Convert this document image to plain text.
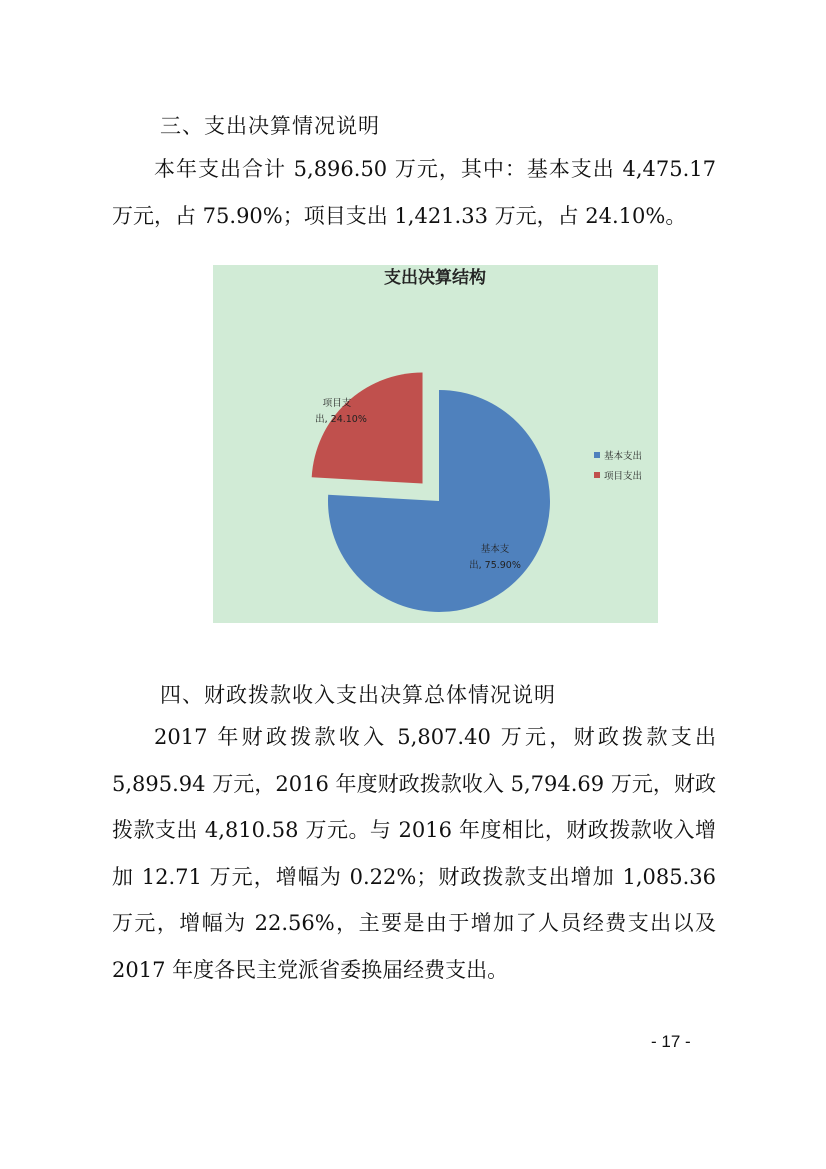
三、支出决算情况说明
本年支出合计 5,896.50 万元，其中：基本支出 4,475.17 万元，占 75.90%；项目支出 1,421.33 万元，占 24.10%。
支出决算结构
基本支
出, 75.90%
项目支
出, 24.10%
基本支出
项目支出
四、财政拨款收入支出决算总体情况说明
2017 年财政拨款收入 5,807.40 万元，财政拨款支出 5,895.94 万元，2016 年度财政拨款收入 5,794.69 万元，财政拨款支出 4,810.58 万元。与 2016 年度相比，财政拨款收入增加 12.71 万元，增幅为 0.22%；财政拨款支出增加 1,085.36 万元，增幅为 22.56%，主要是由于增加了人员经费支出以及 2017 年度各民主党派省委换届经费支出。
- 17 -
